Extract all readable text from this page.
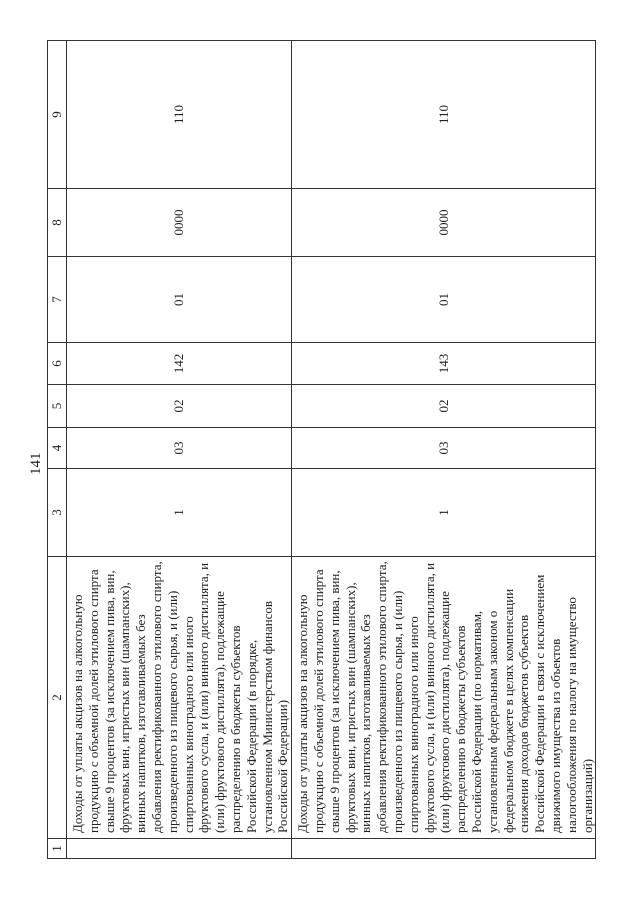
141
1	2	3	4	5	6	7	8	9
	Доходы от уплаты акцизов на алкогольную продукцию с объемной долей этилового спирта свыше 9 процентов (за исключением пива, вин, фруктовых вин, игристых вин (шампанских), винных напитков, изготавливаемых без добавления ректификованного этилового спирта, произведенного из пищевого сырья, и (или) спиртованных виноградного или иного фруктового сусла, и (или) винного дистиллята, и (или) фруктового дистиллята), подлежащие распределению в бюджеты субъектов Российской Федерации (в порядке, установленном Министерством финансов Российской Федерации)	1	03	02	142	01	0000	110
	Доходы от уплаты акцизов на алкогольную продукцию с объемной долей этилового спирта свыше 9 процентов (за исключением пива, вин, фруктовых вин, игристых вин (шампанских), винных напитков, изготавливаемых без добавления ректификованного этилового спирта, произведенного из пищевого сырья, и (или) спиртованных виноградного или иного фруктового сусла, и (или) винного дистиллята, и (или) фруктового дистиллята), подлежащие распределению в бюджеты субъектов Российской Федерации (по нормативам, установленным федеральным законом о федеральном бюджете в целях компенсации снижения доходов бюджетов субъектов Российской Федерации в связи с исключением движимого имущества из объектов налогообложения по налогу на имущество организаций)	1	03	02	143	01	0000	110
